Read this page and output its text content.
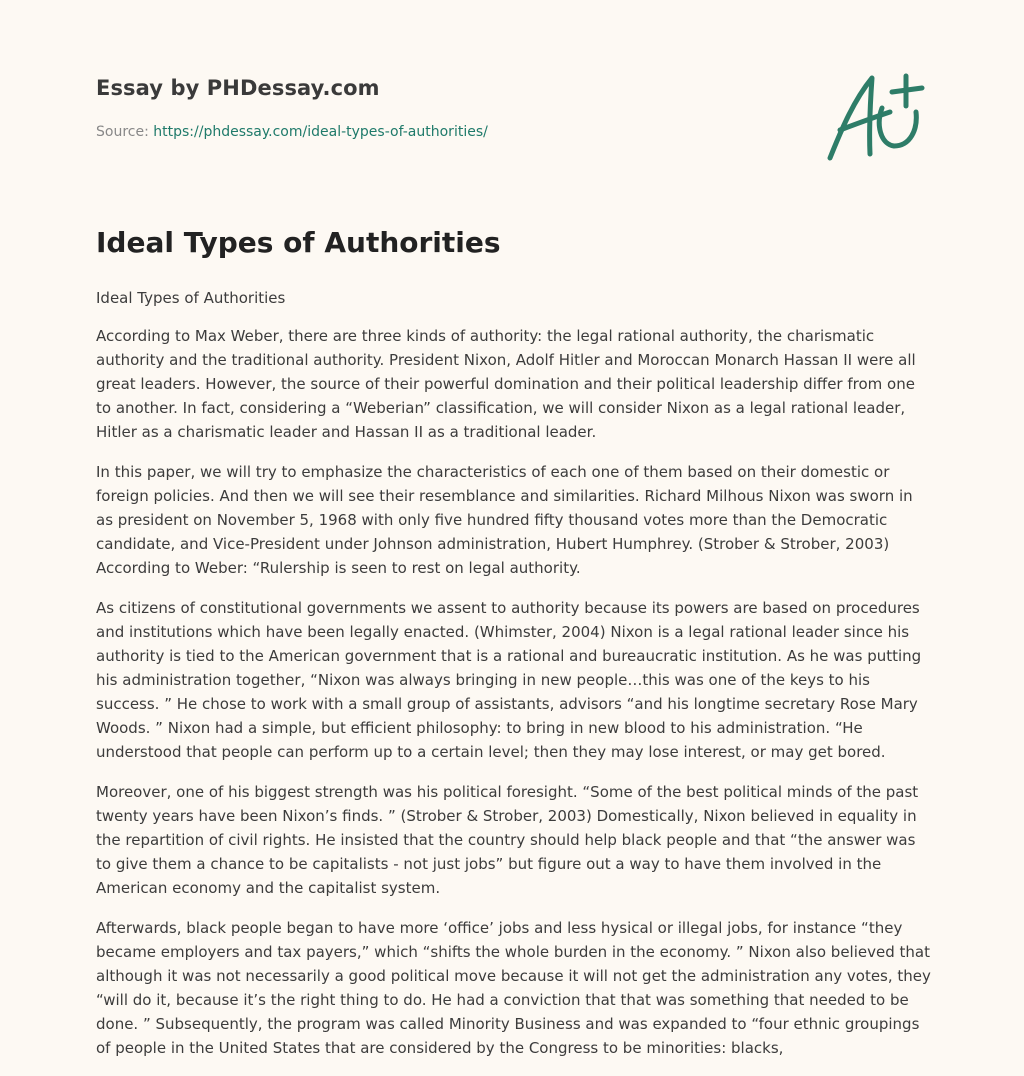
Essay by PHDessay.com
Source: https://phdessay.com/ideal-types-of-authorities/
Ideal Types of Authorities

Ideal Types of Authorities

According to Max Weber, there are three kinds of authority: the legal rational authority, the charismatic authority and the traditional authority. President Nixon, Adolf Hitler and Moroccan Monarch Hassan II were all great leaders. However, the source of their powerful domination and their political leadership differ from one to another. In fact, considering a “Weberian” classification, we will consider Nixon as a legal rational leader, Hitler as a charismatic leader and Hassan II as a traditional leader.

In this paper, we will try to emphasize the characteristics of each one of them based on their domestic or foreign policies. And then we will see their resemblance and similarities. Richard Milhous Nixon was sworn in as president on November 5, 1968 with only five hundred fifty thousand votes more than the Democratic candidate, and Vice-President under Johnson administration, Hubert Humphrey. (Strober & Strober, 2003) According to Weber: “Rulership is seen to rest on legal authority.

As citizens of constitutional governments we assent to authority because its powers are based on procedures and institutions which have been legally enacted. (Whimster, 2004) Nixon is a legal rational leader since his authority is tied to the American government that is a rational and bureaucratic institution. As he was putting his administration together, “Nixon was always bringing in new people…this was one of the keys to his success. ” He chose to work with a small group of assistants, advisors “and his longtime secretary Rose Mary Woods. ” Nixon had a simple, but efficient philosophy: to bring in new blood to his administration. “He understood that people can perform up to a certain level; then they may lose interest, or may get bored.

Moreover, one of his biggest strength was his political foresight. “Some of the best political minds of the past twenty years have been Nixon’s finds. ” (Strober & Strober, 2003) Domestically, Nixon believed in equality in the repartition of civil rights. He insisted that the country should help black people and that “the answer was to give them a chance to be capitalists - not just jobs” but figure out a way to have them involved in the American economy and the capitalist system.

Afterwards, black people began to have more ‘office’ jobs and less hysical or illegal jobs, for instance “they became employers and tax payers,” which “shifts the whole burden in the economy. ” Nixon also believed that although it was not necessarily a good political move because it will not get the administration any votes, they “will do it, because it’s the right thing to do. He had a conviction that that was something that needed to be done. ” Subsequently, the program was called Minority Business and was expanded to “four ethnic groupings of people in the United States that are considered by the Congress to be minorities: blacks,
